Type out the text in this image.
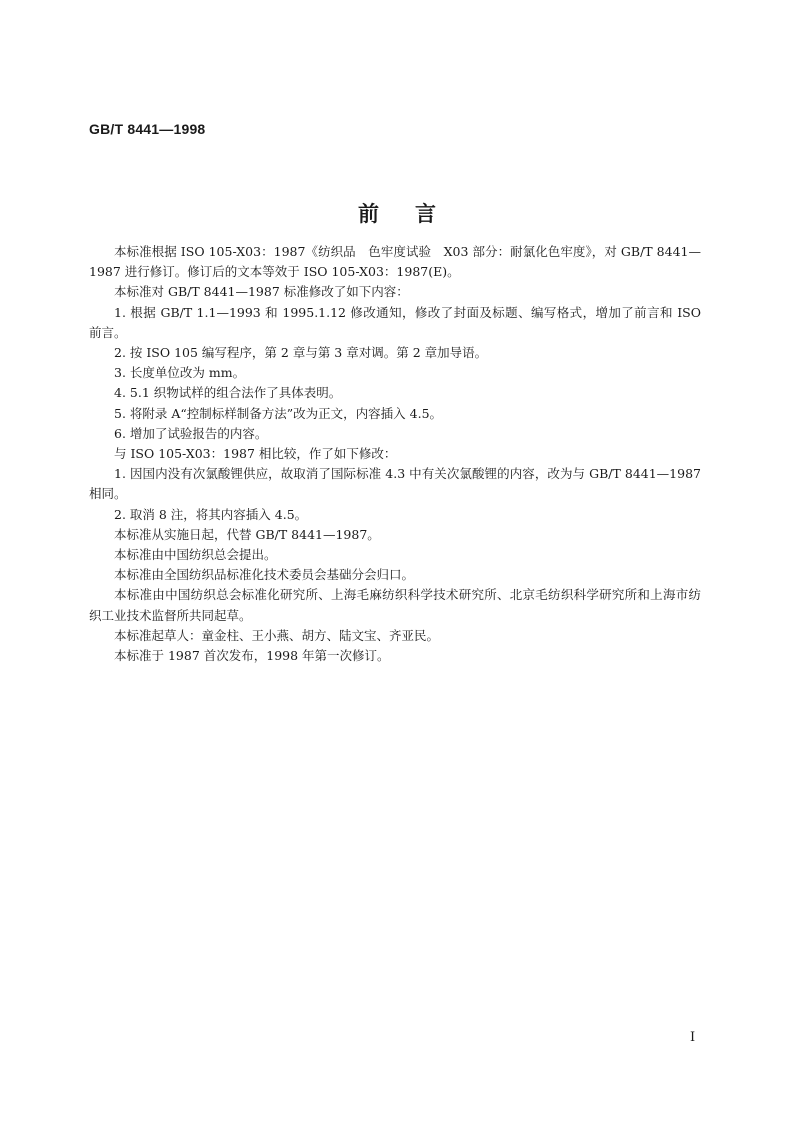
GB/T 8441—1998
前言

本标准根据 ISO 105-X03：1987《纺织品　色牢度试验　X03 部分：耐氯化色牢度》，对 GB/T 8441—1987 进行修订。修订后的文本等效于 ISO 105-X03：1987(E)。

本标准对 GB/T 8441—1987 标准修改了如下内容：

1. 根据 GB/T 1.1—1993 和 1995.1.12 修改通知，修改了封面及标题、编写格式，增加了前言和 ISO 前言。

2. 按 ISO 105 编写程序，第 2 章与第 3 章对调。第 2 章加导语。

3. 长度单位改为 mm。

4. 5.1 织物试样的组合法作了具体表明。

5. 将附录 A“控制标样制备方法”改为正文，内容插入 4.5。

6. 增加了试验报告的内容。

与 ISO 105-X03：1987 相比较，作了如下修改：

1. 因国内没有次氯酸锂供应，故取消了国际标准 4.3 中有关次氯酸锂的内容，改为与 GB/T 8441—1987 相同。

2. 取消 8 注，将其内容插入 4.5。

本标准从实施日起，代替 GB/T 8441—1987。

本标准由中国纺织总会提出。

本标准由全国纺织品标准化技术委员会基础分会归口。

本标准由中国纺织总会标准化研究所、上海毛麻纺织科学技术研究所、北京毛纺织科学研究所和上海市纺织工业技术监督所共同起草。

本标准起草人：童金柱、王小燕、胡方、陆文宝、齐亚民。

本标准于 1987 首次发布，1998 年第一次修订。

I
